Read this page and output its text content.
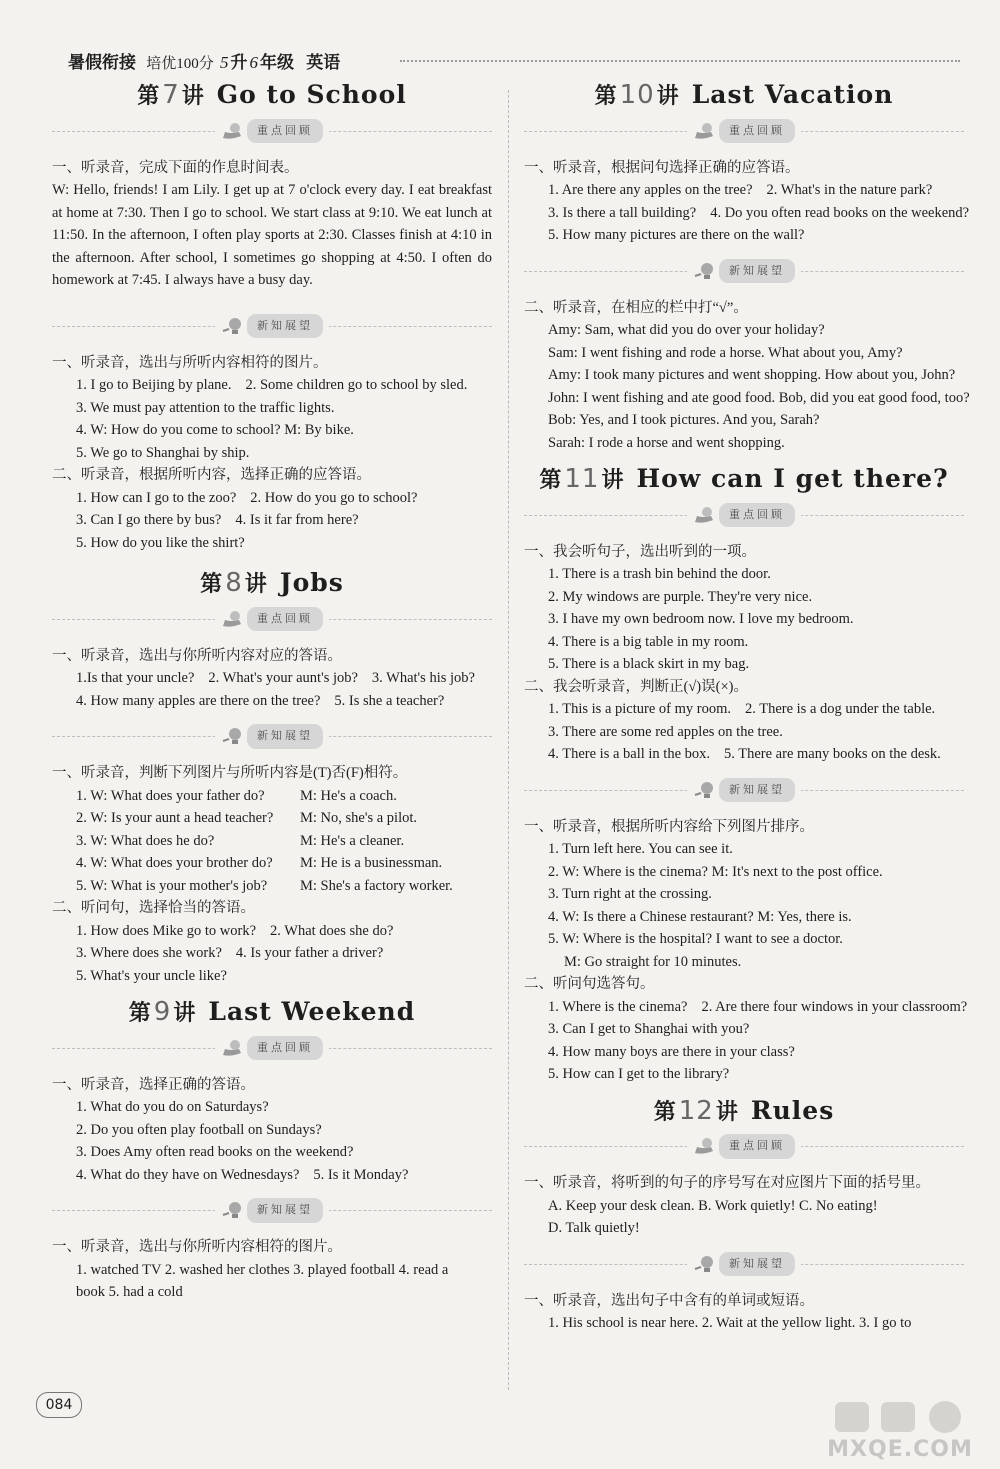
暑假衔接 培优100分 5 升 6 年级 英语
第7讲 Go to School
重点回顾

一、听录音，完成下面的作息时间表。

W: Hello, friends! I am Lily. I get up at 7 o'clock every day. I eat breakfast at home at 7:30. Then I go to school. We start class at 9:10. We eat lunch at 11:50. In the afternoon, I often play sports at 2:30. Classes finish at 4:10 in the afternoon. After school, I sometimes go shopping at 4:50. I often do homework at 7:45. I always have a busy day.

新知展望

一、听录音，选出与所听内容相符的图片。

1. I go to Beijing by plane. 2. Some children go to school by sled.

3. We must pay attention to the traffic lights.

4. W: How do you come to school? M: By bike.

5. We go to Shanghai by ship.

二、听录音，根据所听内容，选择正确的应答语。

1. How can I go to the zoo? 2. How do you go to school?

3. Can I go there by bus? 4. Is it far from here?

5. How do you like the shirt?

第8讲 Jobs
重点回顾

一、听录音，选出与你所听内容对应的答语。

1.Is that your uncle? 2. What's your aunt's job? 3. What's his job?

4. How many apples are there on the tree? 5. Is she a teacher?

新知展望

一、听录音，判断下列图片与所听内容是(T)否(F)相符。

1. W: What does your father do?	M: He's a coach.
2. W: Is your aunt a head teacher?	M: No, she's a pilot.
3. W: What does he do?	M: He's a cleaner.
4. W: What does your brother do?	M: He is a businessman.
5. W: What is your mother's job?	M: She's a factory worker.

二、听问句，选择恰当的答语。

1. How does Mike go to work? 2. What does she do?

3. Where does she work? 4. Is your father a driver?

5. What's your uncle like?

第9讲 Last Weekend
重点回顾

一、听录音，选择正确的答语。

1. What do you do on Saturdays?

2. Do you often play football on Sundays?

3. Does Amy often read books on the weekend?

4. What do they have on Wednesdays? 5. Is it Monday?

新知展望

一、听录音，选出与你所听内容相符的图片。

1. watched TV 2. washed her clothes 3. played football 4. read a

book 5. had a cold

第10讲 Last Vacation
重点回顾

一、听录音，根据问句选择正确的应答语。

1. Are there any apples on the tree? 2. What's in the nature park?

3. Is there a tall building? 4. Do you often read books on the weekend?

5. How many pictures are there on the wall?

新知展望

二、听录音，在相应的栏中打“√”。

Amy: Sam, what did you do over your holiday?

Sam: I went fishing and rode a horse. What about you, Amy?

Amy: I took many pictures and went shopping. How about you, John?

John: I went fishing and ate good food. Bob, did you eat good food, too?

Bob: Yes, and I took pictures. And you, Sarah?

Sarah: I rode a horse and went shopping.

第11讲 How can I get there?
重点回顾

一、我会听句子，选出听到的一项。

1. There is a trash bin behind the door.

2. My windows are purple. They're very nice.

3. I have my own bedroom now. I love my bedroom.

4. There is a big table in my room.

5. There is a black skirt in my bag.

二、我会听录音，判断正(√)误(×)。

1. This is a picture of my room. 2. There is a dog under the table.

3. There are some red apples on the tree.

4. There is a ball in the box. 5. There are many books on the desk.

新知展望

一、听录音，根据所听内容给下列图片排序。

1. Turn left here. You can see it.

2. W: Where is the cinema? M: It's next to the post office.

3. Turn right at the crossing.

4. W: Is there a Chinese restaurant? M: Yes, there is.

5. W: Where is the hospital? I want to see a doctor.

M: Go straight for 10 minutes.

二、听问句选答句。

1. Where is the cinema? 2. Are there four windows in your classroom?

3. Can I get to Shanghai with you?

4. How many boys are there in your class?

5. How can I get to the library?

第12讲 Rules
重点回顾

一、听录音，将听到的句子的序号写在对应图片下面的括号里。

A. Keep your desk clean. B. Work quietly! C. No eating!

D. Talk quietly!

新知展望

一、听录音，选出句子中含有的单词或短语。

1. His school is near here. 2. Wait at the yellow light. 3. I go to

084
MXQE.COM
